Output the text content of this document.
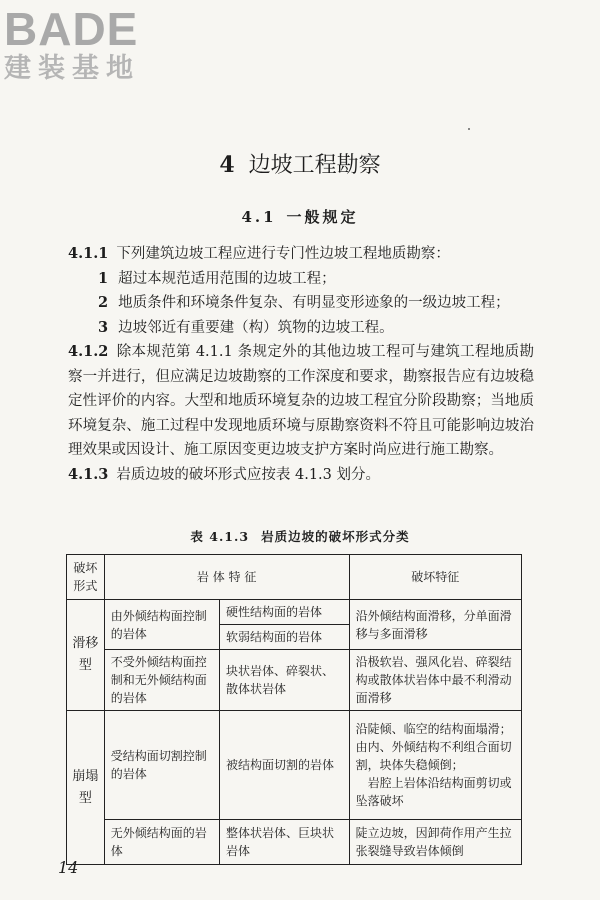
BADE
建装基地
4 边坡工程勘察
4.1 一般规定

4.1.1 下列建筑边坡工程应进行专门性边坡工程地质勘察：

1 超过本规范适用范围的边坡工程；

2 地质条件和环境条件复杂、有明显变形迹象的一级边坡工程；

3 边坡邻近有重要建（构）筑物的边坡工程。

4.1.2 除本规范第 4.1.1 条规定外的其他边坡工程可与建筑工程地质勘察一并进行，但应满足边坡勘察的工作深度和要求，勘察报告应有边坡稳定性评价的内容。大型和地质环境复杂的边坡工程宜分阶段勘察；当地质环境复杂、施工过程中发现地质环境与原勘察资料不符且可能影响边坡治理效果或因设计、施工原因变更边坡支护方案时尚应进行施工勘察。

4.1.3 岩质边坡的破坏形式应按表 4.1.3 划分。

表 4.1.3 岩质边坡的破坏形式分类
破坏形式	岩 体 特 征		破坏特征
滑移型	由外倾结构面控制的岩体	硬性结构面的岩体	沿外倾结构面滑移，分单面滑移与多面滑移
		软弱结构面的岩体	
	不受外倾结构面控制和无外倾结构面的岩体	块状岩体、碎裂状、散体状岩体	沿极软岩、强风化岩、碎裂结构或散体状岩体中最不利滑动面滑移
崩塌型	受结构面切割控制的岩体	被结构面切割的岩体	沿陡倾、临空的结构面塌滑；由内、外倾结构不利组合面切割，块体失稳倾倒；
岩腔上岩体沿结构面剪切或坠落破坏

	无外倾结构面的岩体	整体状岩体、巨块状岩体	陡立边坡，因卸荷作用产生拉张裂缝导致岩体倾倒
14
